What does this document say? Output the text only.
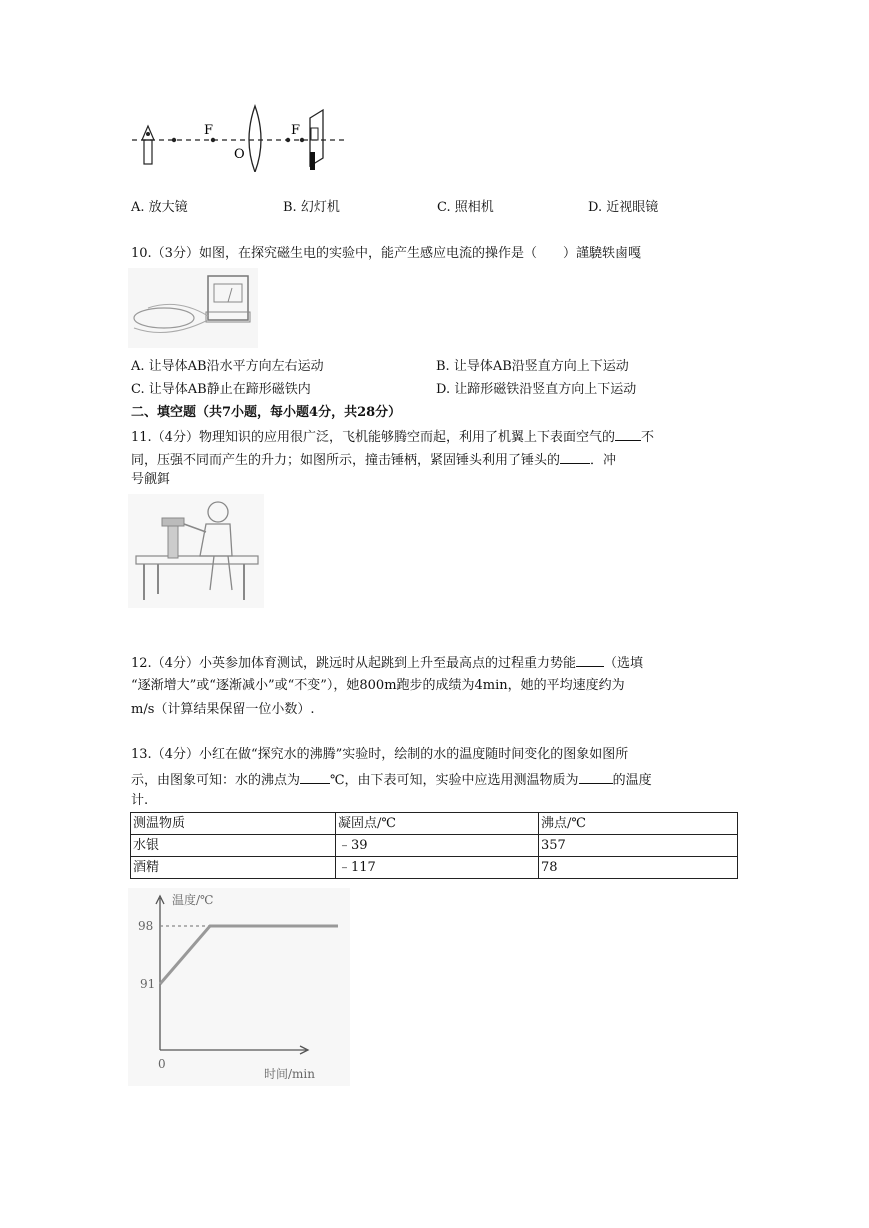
F
O
F
A. 放大镜	B. 幻灯机	C. 照相机	D. 近视眼镜
10.（3分）如图，在探究磁生电的实验中，能产生感应电流的操作是（　　）謹驍轶鹵嘎
A. 让导体AB沿水平方向左右运动	B. 让导体AB沿竖直方向上下运动
C. 让导体AB静止在蹄形磁铁内	D. 让蹄形磁铁沿竖直方向上下运动
二、填空题（共7小题，每小题4分，共28分）
11.（4分）物理知识的应用很广泛，飞机能够腾空而起，利用了机翼上下表面空气的 不
同，压强不同而产生的升力；如图所示，撞击锤柄，紧固锤头利用了锤头的 ．冲
号觎鉺
12.（4分）小英参加体育测试，跳远时从起跳到上升至最高点的过程重力势能 （选填
“逐渐增大”或“逐渐减小”或“不变”），她800m跑步的成绩为4min，她的平均速度约为
m/s（计算结果保留一位小数）.
13.（4分）小红在做“探究水的沸腾”实验时，绘制的水的温度随时间变化的图象如图所
示，由图象可知：水的沸点为 ℃，由下表可知，实验中应选用测温物质为	的温度
计.
测温物质	凝固点/℃	沸点/℃
水银	﹣39	357
酒精	﹣117	78
温度/℃
98
91
0
时间/min
